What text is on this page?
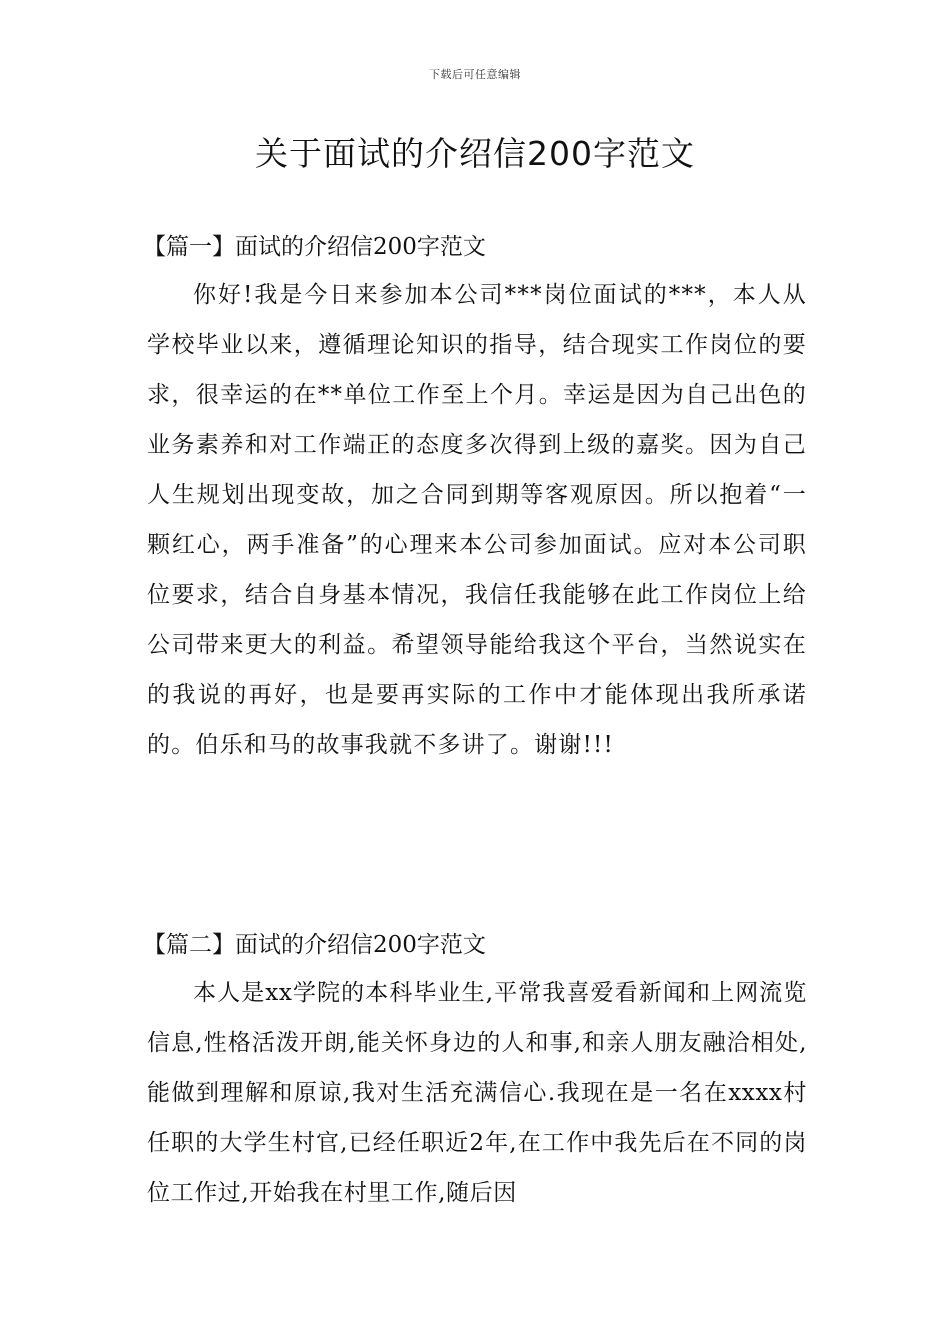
下载后可任意编辑
关于面试的介绍信200字范文
【篇一】面试的介绍信200字范文

你好!我是今日来参加本公司***岗位面试的***，本人从学校毕业以来，遵循理论知识的指导，结合现实工作岗位的要求，很幸运的在**单位工作至上个月。幸运是因为自己出色的业务素养和对工作端正的态度多次得到上级的嘉奖。因为自己人生规划出现变故，加之合同到期等客观原因。所以抱着“一颗红心，两手准备”的心理来本公司参加面试。应对本公司职位要求，结合自身基本情况，我信任我能够在此工作岗位上给公司带来更大的利益。希望领导能给我这个平台，当然说实在的我说的再好，也是要再实际的工作中才能体现出我所承诺的。伯乐和马的故事我就不多讲了。谢谢!!!

【篇二】面试的介绍信200字范文

本人是xx学院的本科毕业生,平常我喜爱看新闻和上网流览信息,性格活泼开朗,能关怀身边的人和事,和亲人朋友融洽相处,能做到理解和原谅,我对生活充满信心.我现在是一名在xxxx村任职的大学生村官,已经任职近2年,在工作中我先后在不同的岗位工作过,开始我在村里工作,随后因
